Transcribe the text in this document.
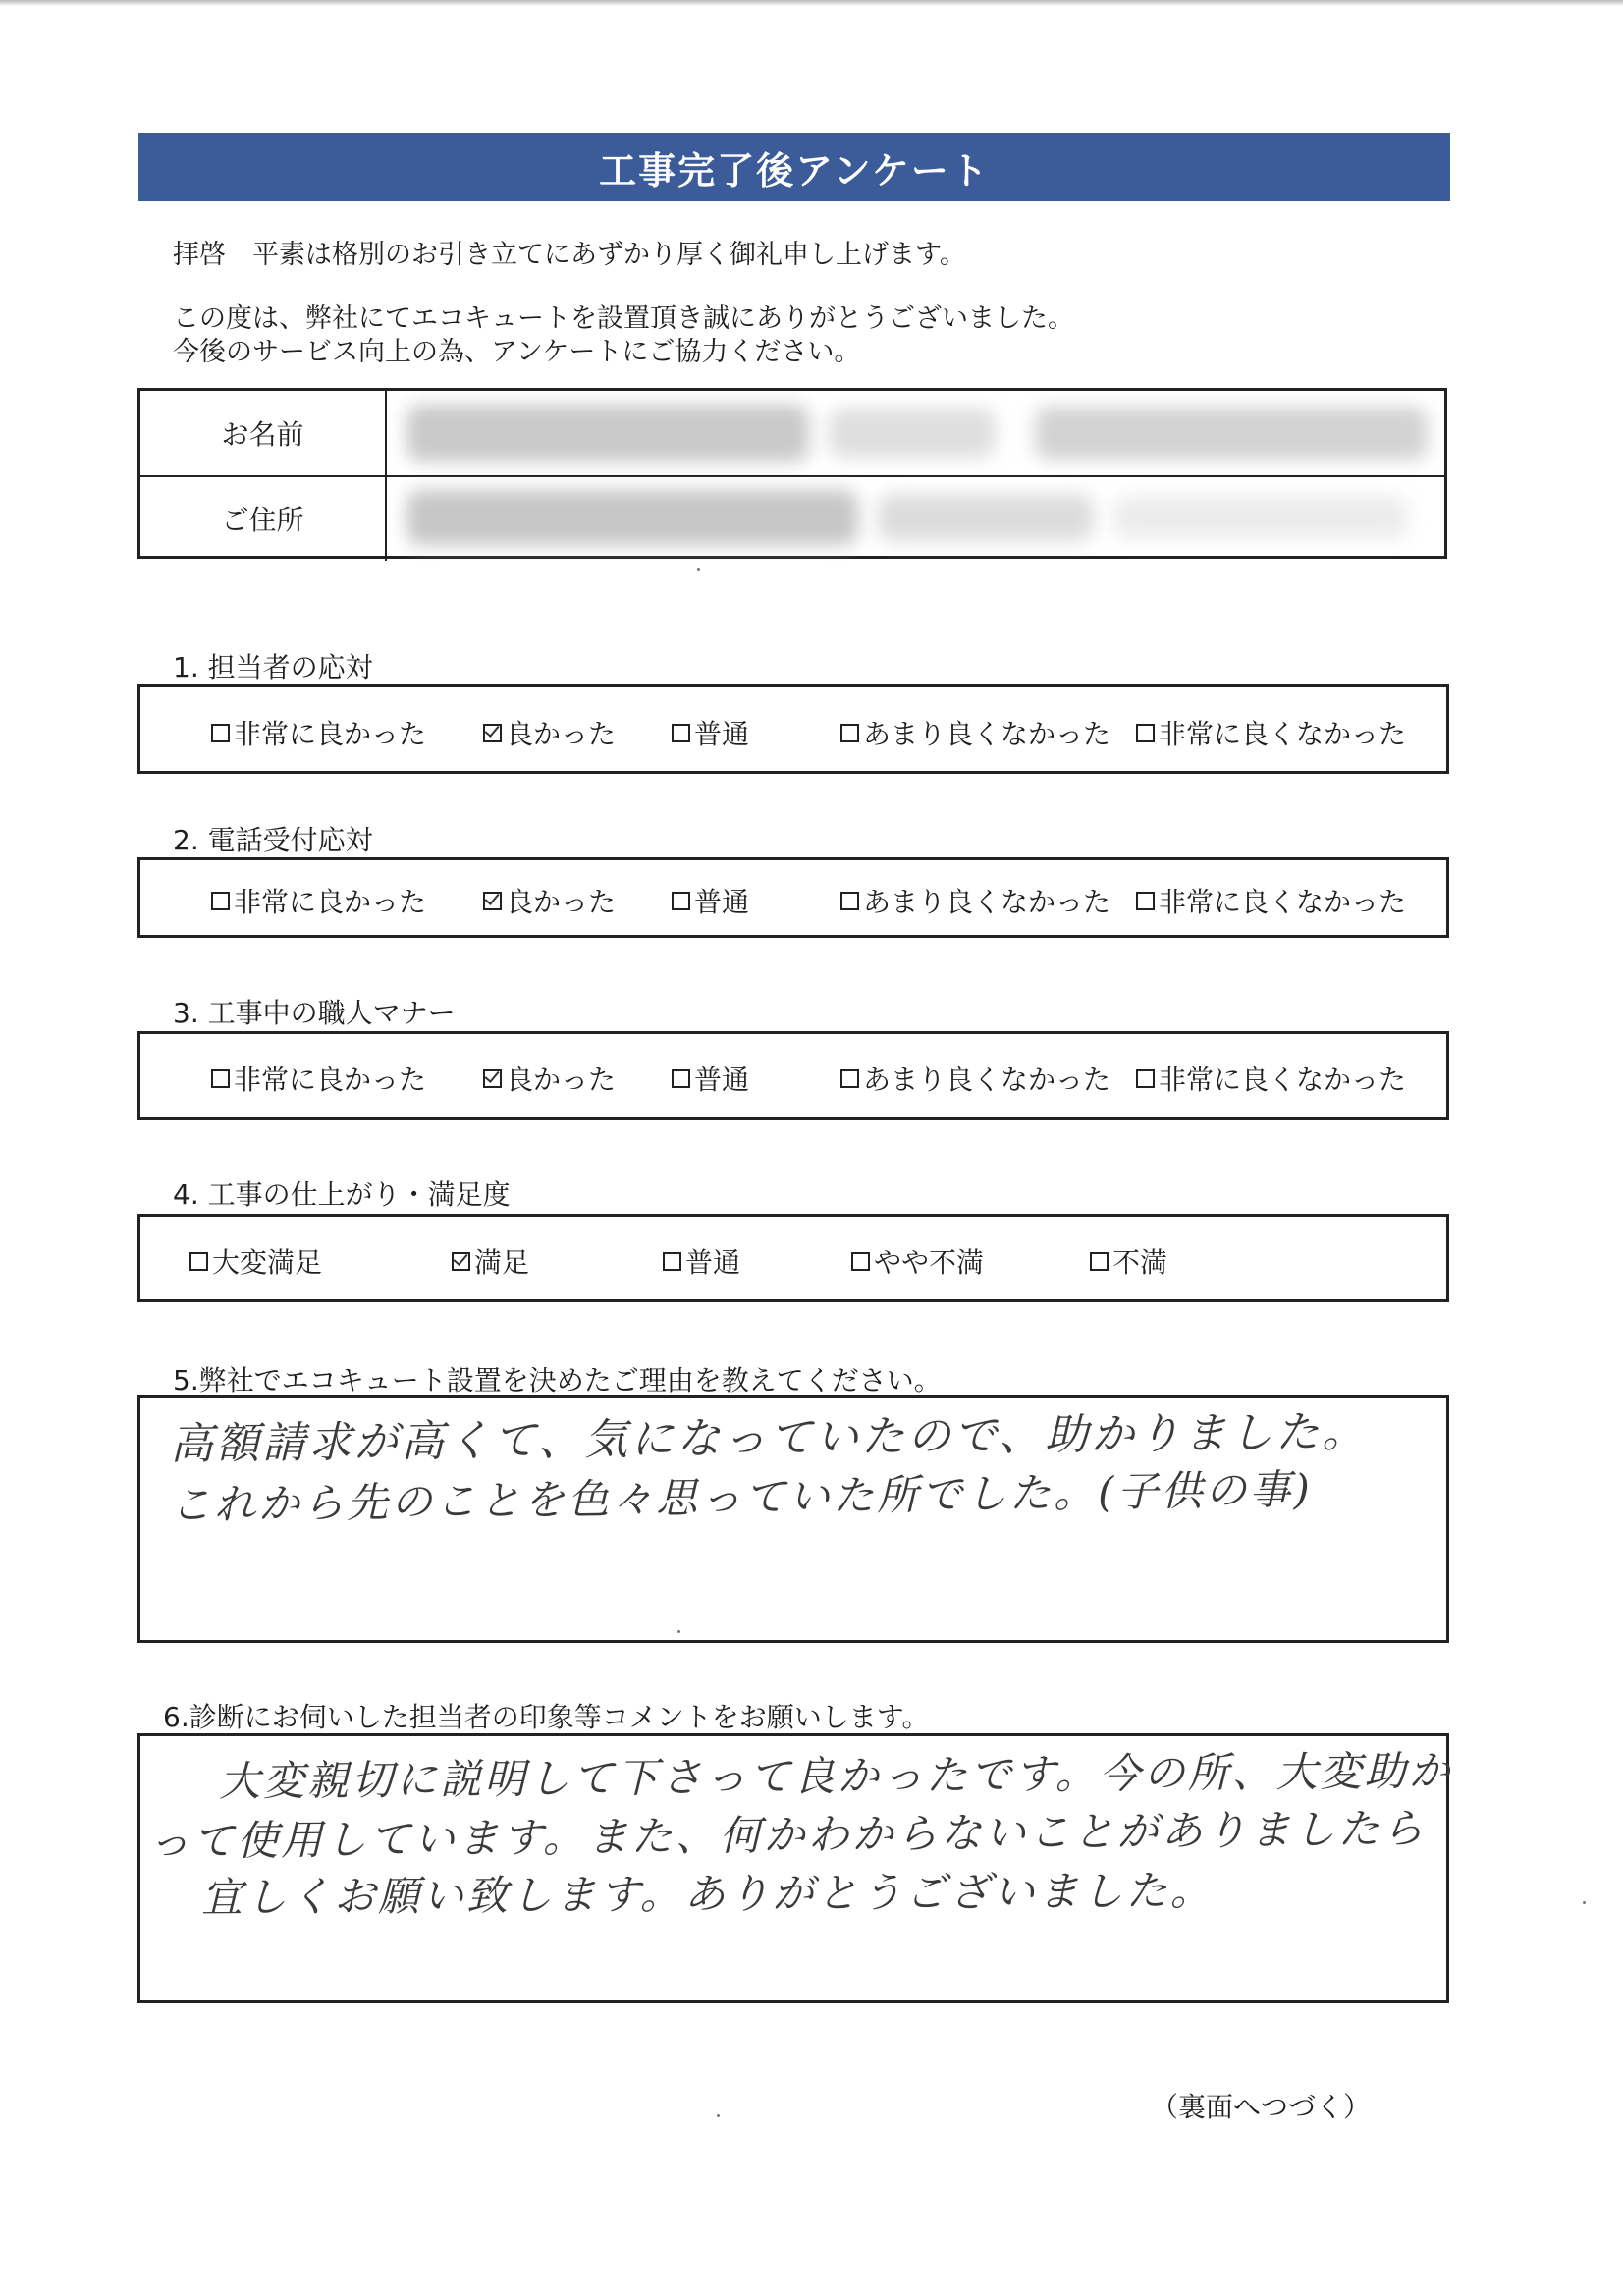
工事完了後アンケート
拝啓　平素は格別のお引き立てにあずかり厚く御礼申し上げます。
この度は、弊社にてエコキュートを設置頂き誠にありがとうございました。
今後のサービス向上の為、アンケートにご協力ください。
お名前
ご住所
1. 担当者の応対
非常に良かった	良かった	普通	あまり良くなかった 非常に良くなかった
2. 電話受付応対
非常に良かった	良かった	普通	あまり良くなかった 非常に良くなかった
3. 工事中の職人マナー
非常に良かった	良かった	普通	あまり良くなかった 非常に良くなかった
4. 工事の仕上がり・満足度
大変満足	満足	普通	やや不満	不満
5.弊社でエコキュート設置を決めたご理由を教えてください。
高額請求が高くて、気になっていたので、助かりました。
これから先のことを色々思っていた所でした。(子供の事)
6.診断にお伺いした担当者の印象等コメントをお願いします。
大変親切に説明して下さって良かったです。今の所、大変助か
って使用しています。また、何かわからないことがありましたら
宜しくお願い致します。ありがとうございました。
（裏面へつづく）
